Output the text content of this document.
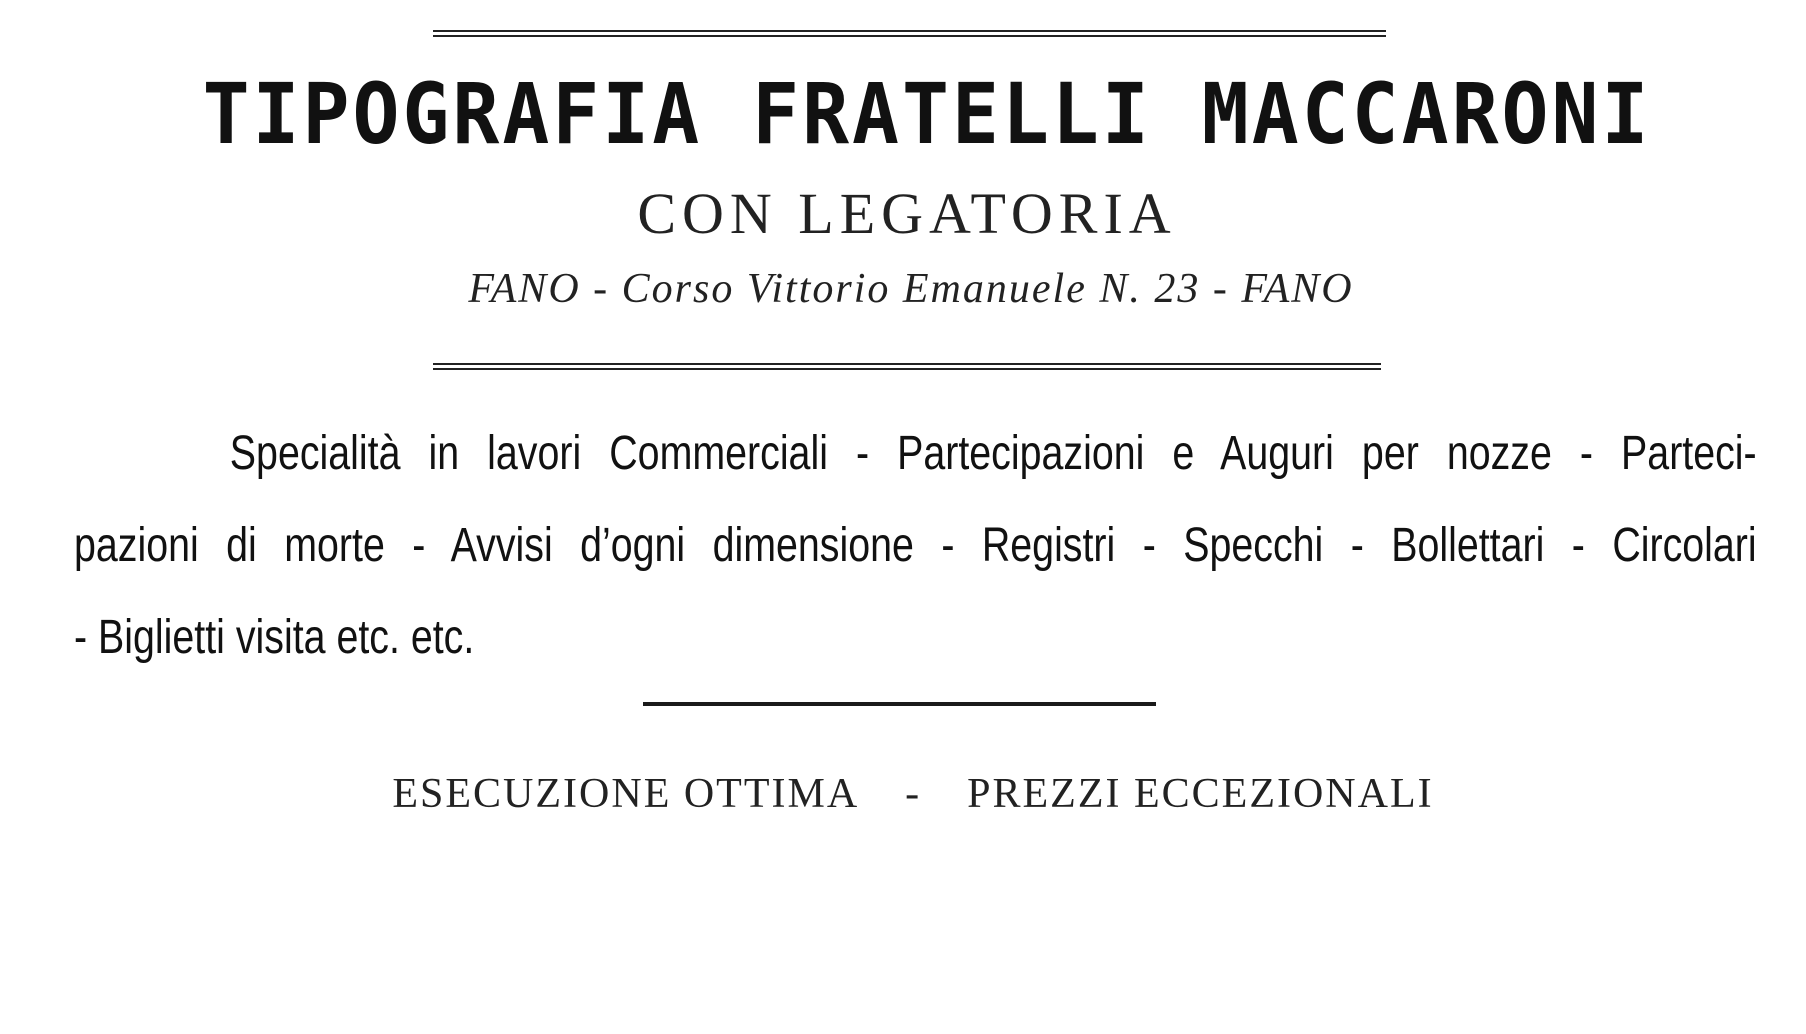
TIPOGRAFIA FRATELLI MACCARONI
CON LEGATORIA
FANO - Corso Vittorio Emanuele N. 23 - FANO
Specialità in lavori Commerciali - Partecipazioni e Auguri per nozze - Parteci-
pazioni di morte - Avvisi d’ogni dimensione - Registri - Specchi - Bollettari - Circolari
- Biglietti visita etc. etc.
ESECUZIONE OTTIMA - PREZZI ECCEZIONALI
